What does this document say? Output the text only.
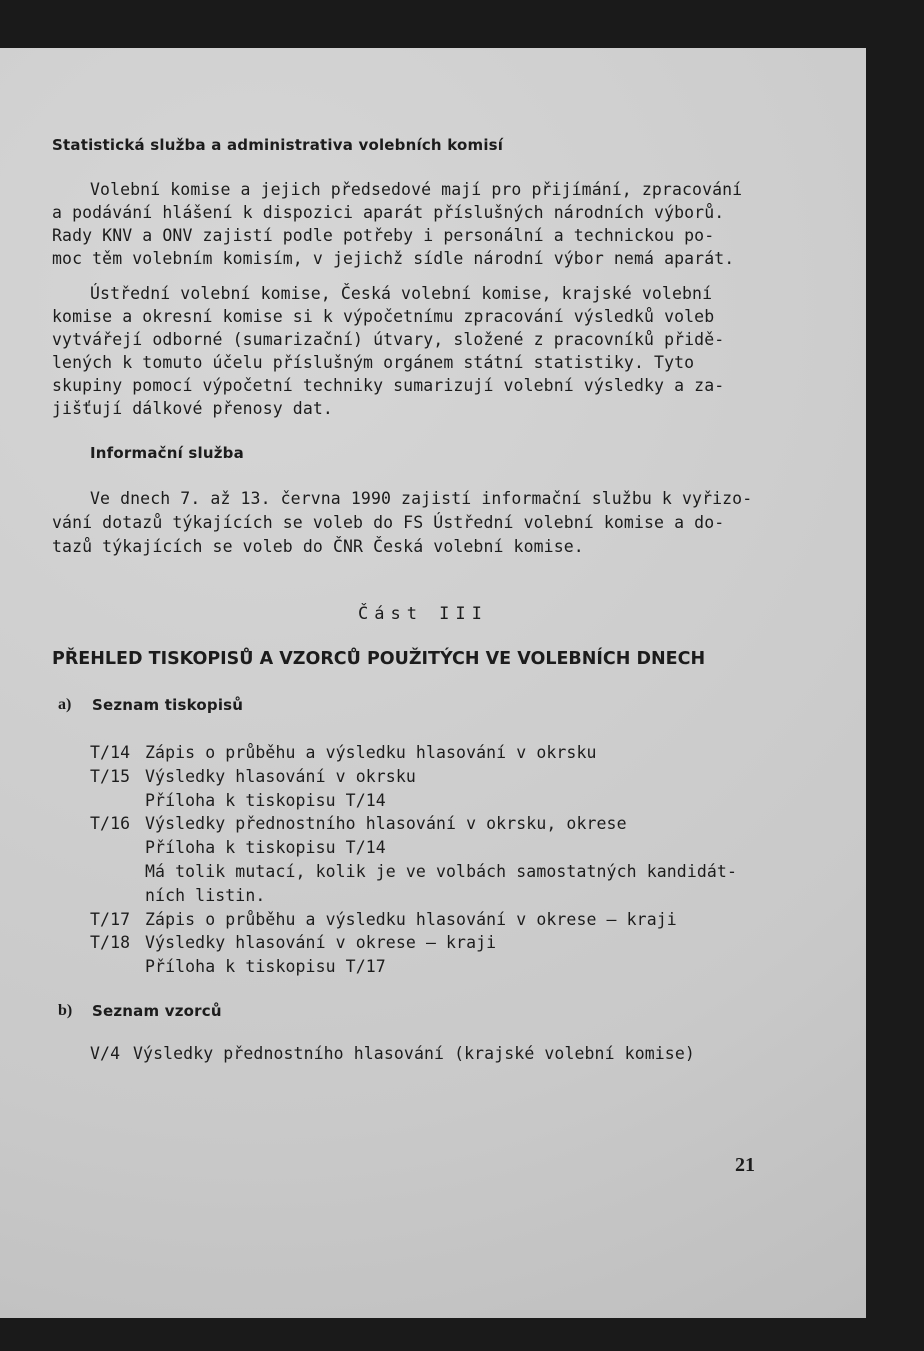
Statistická služba a administrativa volebních komisí
Volební komise a jejich předsedové mají pro přijímání, zpracování
a podávání hlášení k dispozici aparát příslušných národních výborů.
Rady KNV a ONV zajistí podle potřeby i personální a technickou po-
moc těm volebním komisím, v jejichž sídle národní výbor nemá aparát.
Ústřední volební komise, Česká volební komise, krajské volební
komise a okresní komise si k výpočetnímu zpracování výsledků voleb
vytvářejí odborné (sumarizační) útvary, složené z pracovníků přidě-
lených k tomuto účelu příslušným orgánem státní statistiky. Tyto
skupiny pomocí výpočetní techniky sumarizují volební výsledky a za-
jišťují dálkové přenosy dat.
Informační služba
Ve dnech 7. až 13. června 1990 zajistí informační službu k vyřizo-
vání dotazů týkajících se voleb do FS Ústřední volební komise a do-
tazů týkajících se voleb do ČNR Česká volební komise.
Část III
PŘEHLED TISKOPISŮ A VZORCŮ POUŽITÝCH VE VOLEBNÍCH DNECH
a) Seznam tiskopisů
T/14 Zápis o průběhu a výsledku hlasování v okrsku
T/15 Výsledky hlasování v okrsku
Příloha k tiskopisu T/14
T/16 Výsledky přednostního hlasování v okrsku, okrese
Příloha k tiskopisu T/14
Má tolik mutací, kolik je ve volbách samostatných kandidát-
ních listin.
T/17 Zápis o průběhu a výsledku hlasování v okrese — kraji
T/18 Výsledky hlasování v okrese — kraji
Příloha k tiskopisu T/17
b) Seznam vzorců
V/4 Výsledky přednostního hlasování (krajské volební komise)
21
